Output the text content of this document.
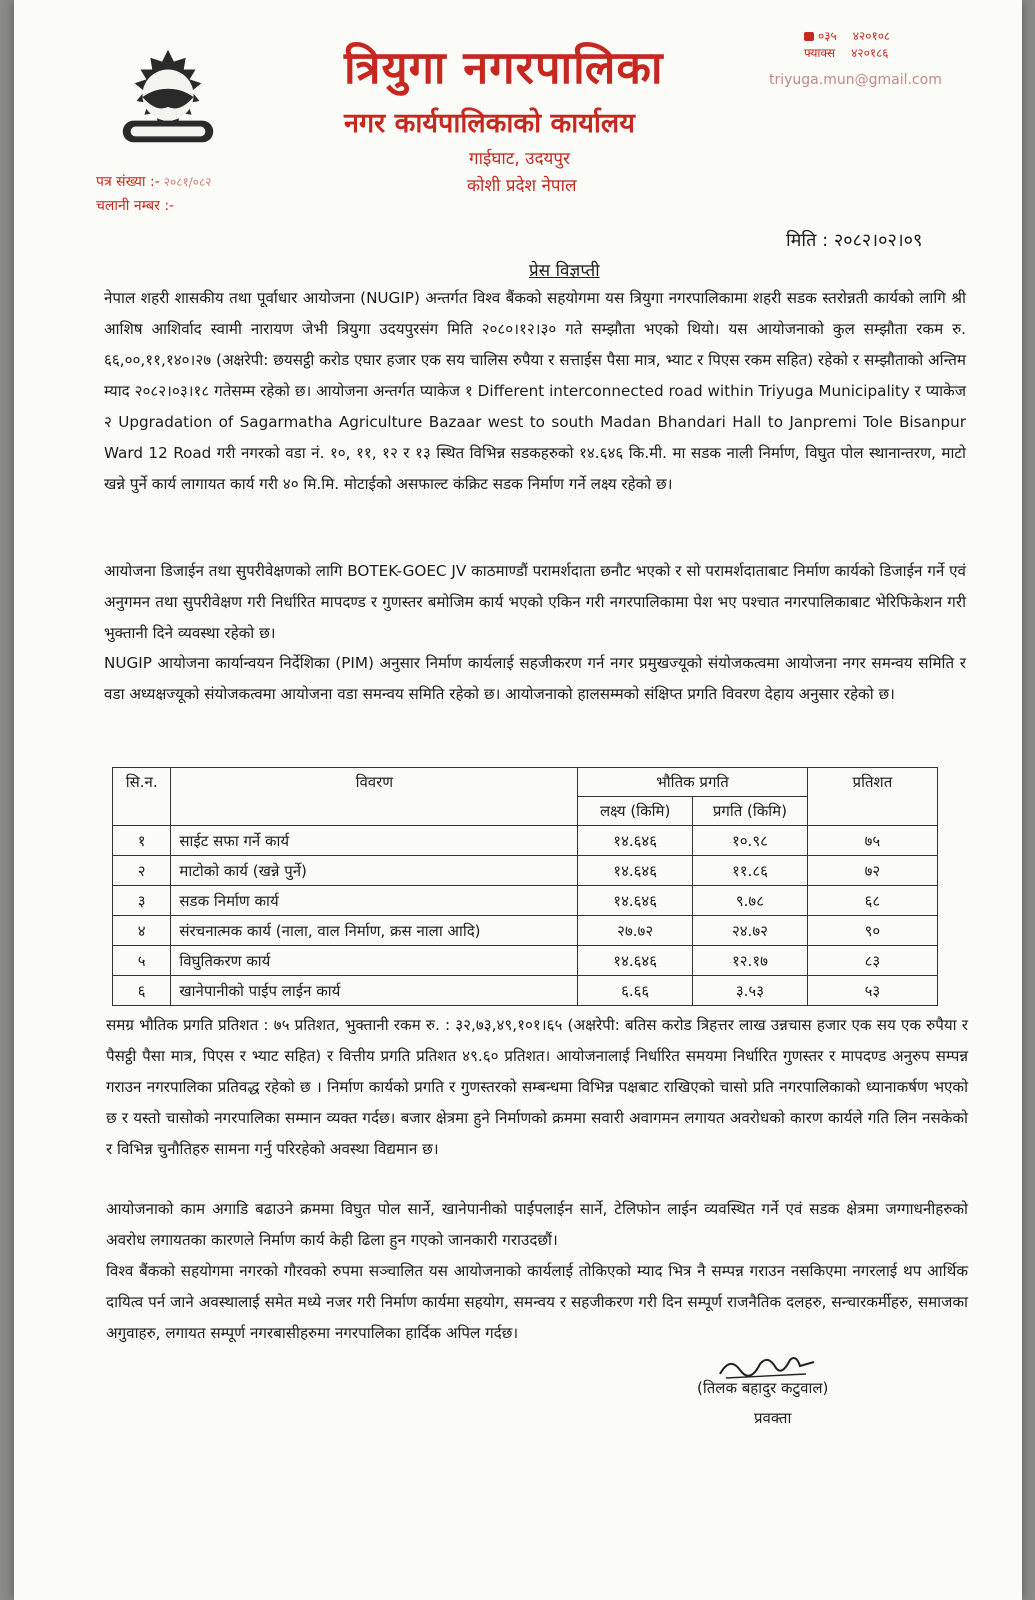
त्रियुगा नगरपालिका
नगर कार्यपालिकाको कार्यालय
गाईघाट, उदयपुर
कोशी प्रदेश नेपाल
०३५ ४२०१०८
फ्याक्स ४२०१८६
triyuga.mun@gmail.com
पत्र संख्या :- २०८१/०८२
चलानी नम्बर :-
मिति : २०८२।०२।०९
प्रेस विज्ञप्ती
नेपाल शहरी शासकीय तथा पूर्वाधार आयोजना (NUGIP) अन्तर्गत विश्व बैंकको सहयोगमा यस त्रियुगा नगरपालिकामा शहरी सडक स्तरोन्नती कार्यको लागि श्री आशिष आशिर्वाद स्वामी नारायण जेभी त्रियुगा उदयपुरसंग मिति २०८०।१२।३० गते सम्झौता भएको थियो। यस आयोजनाको कुल सम्झौता रकम रु. ६६,००,११,१४०।२७ (अक्षरेपी: छयसट्ठी करोड एघार हजार एक सय चालिस रुपैया र सत्ताईस पैसा मात्र, भ्याट र पिएस रकम सहित) रहेको र सम्झौताको अन्तिम म्याद २०८२।०३।१८ गतेसम्म रहेको छ। आयोजना अन्तर्गत प्याकेज १ Different interconnected road within Triyuga Municipality र प्याकेज २ Upgradation of Sagarmatha Agriculture Bazaar west to south Madan Bhandari Hall to Janpremi Tole Bisanpur Ward 12 Road गरी नगरको वडा नं. १०, ११, १२ र १३ स्थित विभिन्न सडकहरुको १४.६४६ कि.मी. मा सडक नाली निर्माण, विघुत पोल स्थानान्तरण, माटो खन्ने पुर्ने कार्य लागायत कार्य गरी ४० मि.मि. मोटाईको असफाल्ट कंक्रिट सडक निर्माण गर्ने लक्ष्य रहेको छ।
आयोजना डिजाईन तथा सुपरीवेक्षणको लागि BOTEK-GOEC JV काठमाण्डौं परामर्शदाता छनौट भएको र सो परामर्शदाताबाट निर्माण कार्यको डिजाईन गर्ने एवं अनुगमन तथा सुपरीवेक्षण गरी निर्धारित मापदण्ड र गुणस्तर बमोजिम कार्य भएको एकिन गरी नगरपालिकामा पेश भए पश्चात नगरपालिकाबाट भेरिफिकेशन गरी भुक्तानी दिने व्यवस्था रहेको छ।
NUGIP आयोजना कार्यान्वयन निर्देशिका (PIM) अनुसार निर्माण कार्यलाई सहजीकरण गर्न नगर प्रमुखज्यूको संयोजकत्वमा आयोजना नगर समन्वय समिति र वडा अध्यक्षज्यूको संयोजकत्वमा आयोजना वडा समन्वय समिति रहेको छ। आयोजनाको हालसम्मको संक्षिप्त प्रगति विवरण देहाय अनुसार रहेको छ।
सि.न.	विवरण	भौतिक प्रगति		प्रतिशत
		लक्ष्य (किमि)	प्रगति (किमि)	
१	साईट सफा गर्ने कार्य	१४.६४६	१०.९८	७५
२	माटोको कार्य (खन्ने पुर्ने)	१४.६४६	११.८६	७२
३	सडक निर्माण कार्य	१४.६४६	९.७८	६८
४	संरचनात्मक कार्य (नाला, वाल निर्माण, क्रस नाला आदि)	२७.७२	२४.७२	९०
५	विघुतिकरण कार्य	१४.६४६	१२.१७	८३
६	खानेपानीको पाईप लाईन कार्य	६.६६	३.५३	५३
समग्र भौतिक प्रगति प्रतिशत : ७५ प्रतिशत, भुक्तानी रकम रु. : ३२,७३,४९,१०१।६५ (अक्षरेपी: बतिस करोड त्रिहत्तर लाख उन्नचास हजार एक सय एक रुपैया र पैसट्ठी पैसा मात्र, पिएस र भ्याट सहित) र वित्तीय प्रगति प्रतिशत ४९.६० प्रतिशत। आयोजनालाई निर्धारित समयमा निर्धारित गुणस्तर र मापदण्ड अनुरुप सम्पन्न गराउन नगरपालिका प्रतिवद्ध रहेको छ । निर्माण कार्यको प्रगति र गुणस्तरको सम्बन्धमा विभिन्न पक्षबाट राखिएको चासो प्रति नगरपालिकाको ध्यानाकर्षण भएको छ र यस्तो चासोको नगरपालिका सम्मान व्यक्त गर्दछ। बजार क्षेत्रमा हुने निर्माणको क्रममा सवारी अवागमन लगायत अवरोधको कारण कार्यले गति लिन नसकेको र विभिन्न चुनौतिहरु सामना गर्नु परिरहेको अवस्था विद्यमान छ।
आयोजनाको काम अगाडि बढाउने क्रममा विघुत पोल सार्ने, खानेपानीको पाईपलाईन सार्ने, टेलिफोन लाईन व्यवस्थित गर्ने एवं सडक क्षेत्रमा जग्गाधनीहरुको अवरोध लगायतका कारणले निर्माण कार्य केही ढिला हुन गएको जानकारी गराउदछौं।
विश्व बैंकको सहयोगमा नगरको गौरवको रुपमा सञ्चालित यस आयोजनाको कार्यलाई तोकिएको म्याद भित्र नै सम्पन्न गराउन नसकिएमा नगरलाई थप आर्थिक दायित्व पर्न जाने अवस्थालाई समेत मध्ये नजर गरी निर्माण कार्यमा सहयोग, समन्वय र सहजीकरण गरी दिन सम्पूर्ण राजनैतिक दलहरु, सन्चारकर्मीहरु, समाजका अगुवाहरु, लगायत सम्पूर्ण नगरबासीहरुमा नगरपालिका हार्दिक अपिल गर्दछ।
(तिलक बहादुर कटुवाल)
प्रवक्ता
